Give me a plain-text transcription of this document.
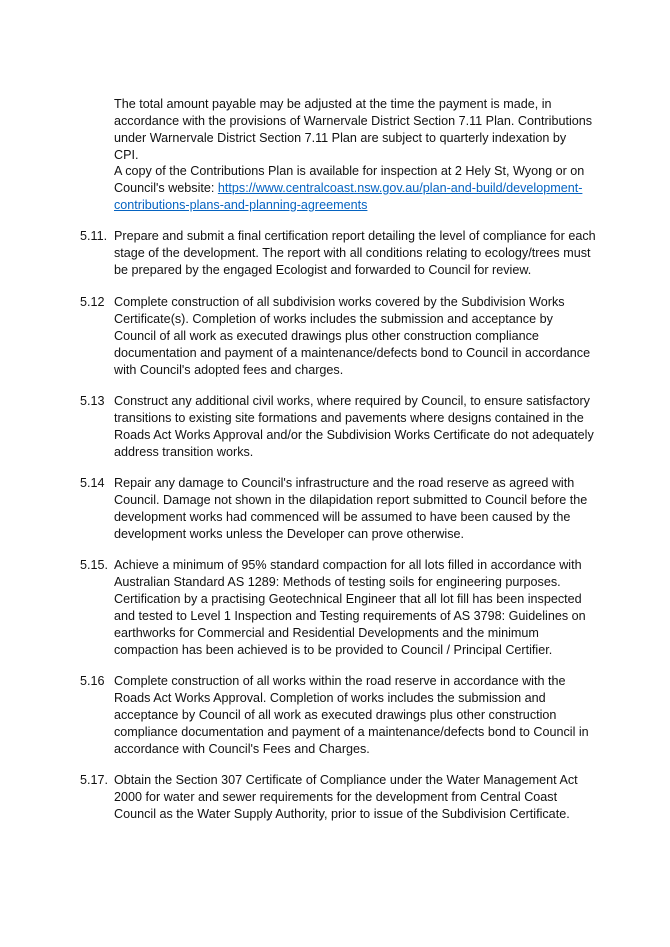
The total amount payable may be adjusted at the time the payment is made, in accordance with the provisions of Warnervale District Section 7.11 Plan. Contributions under Warnervale District Section 7.11 Plan are subject to quarterly indexation by CPI.

A copy of the Contributions Plan is available for inspection at 2 Hely St, Wyong or on Council's website: https://www.centralcoast.nsw.gov.au/plan-and-build/development-contributions-plans-and-planning-agreements

5.11. Prepare and submit a final certification report detailing the level of compliance for each stage of the development. The report with all conditions relating to ecology/trees must be prepared by the engaged Ecologist and forwarded to Council for review.

5.12 Complete construction of all subdivision works covered by the Subdivision Works Certificate(s). Completion of works includes the submission and acceptance by Council of all work as executed drawings plus other construction compliance documentation and payment of a maintenance/defects bond to Council in accordance with Council's adopted fees and charges.

5.13 Construct any additional civil works, where required by Council, to ensure satisfactory transitions to existing site formations and pavements where designs contained in the Roads Act Works Approval and/or the Subdivision Works Certificate do not adequately address transition works.

5.14 Repair any damage to Council's infrastructure and the road reserve as agreed with Council. Damage not shown in the dilapidation report submitted to Council before the development works had commenced will be assumed to have been caused by the development works unless the Developer can prove otherwise.

5.15. Achieve a minimum of 95% standard compaction for all lots filled in accordance with Australian Standard AS 1289: Methods of testing soils for engineering purposes. Certification by a practising Geotechnical Engineer that all lot fill has been inspected and tested to Level 1 Inspection and Testing requirements of AS 3798: Guidelines on earthworks for Commercial and Residential Developments and the minimum compaction has been achieved is to be provided to Council / Principal Certifier.

5.16 Complete construction of all works within the road reserve in accordance with the Roads Act Works Approval. Completion of works includes the submission and acceptance by Council of all work as executed drawings plus other construction compliance documentation and payment of a maintenance/defects bond to Council in accordance with Council's Fees and Charges.

5.17. Obtain the Section 307 Certificate of Compliance under the Water Management Act 2000 for water and sewer requirements for the development from Central Coast Council as the Water Supply Authority, prior to issue of the Subdivision Certificate.
